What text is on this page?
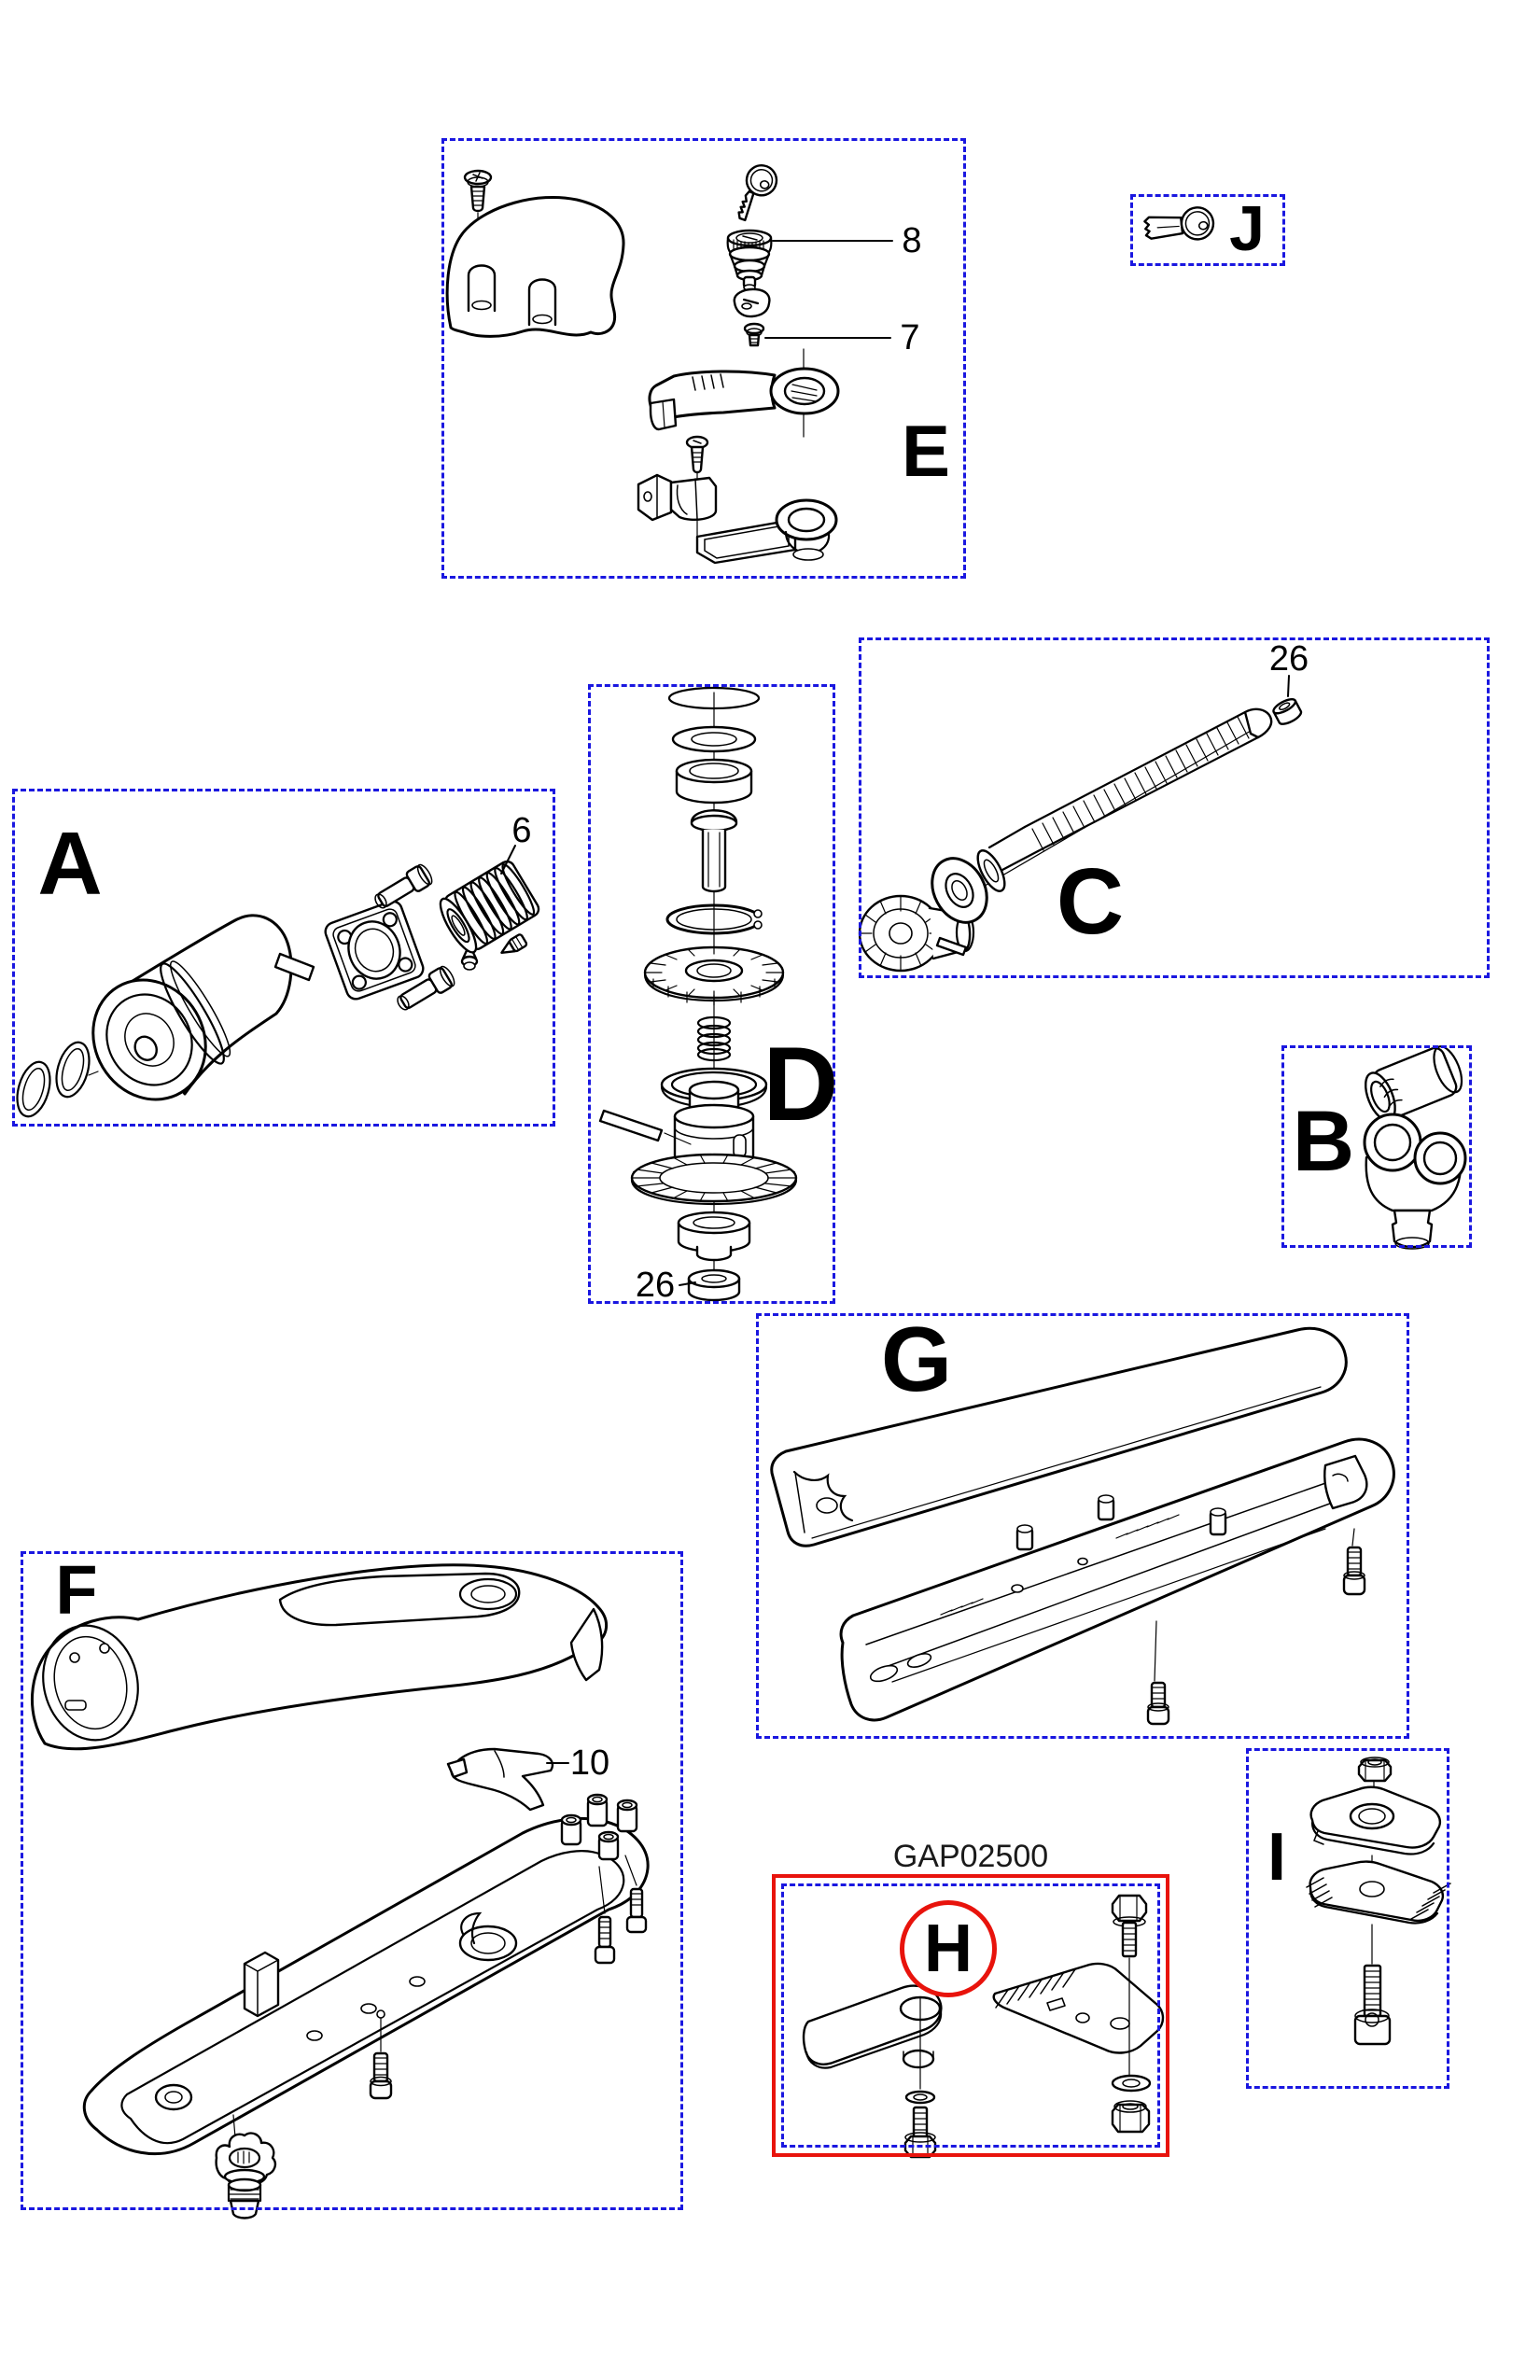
E
8
7
J
A	6
C
26
D
26
B
G
F
10
I
GAP02500
H
